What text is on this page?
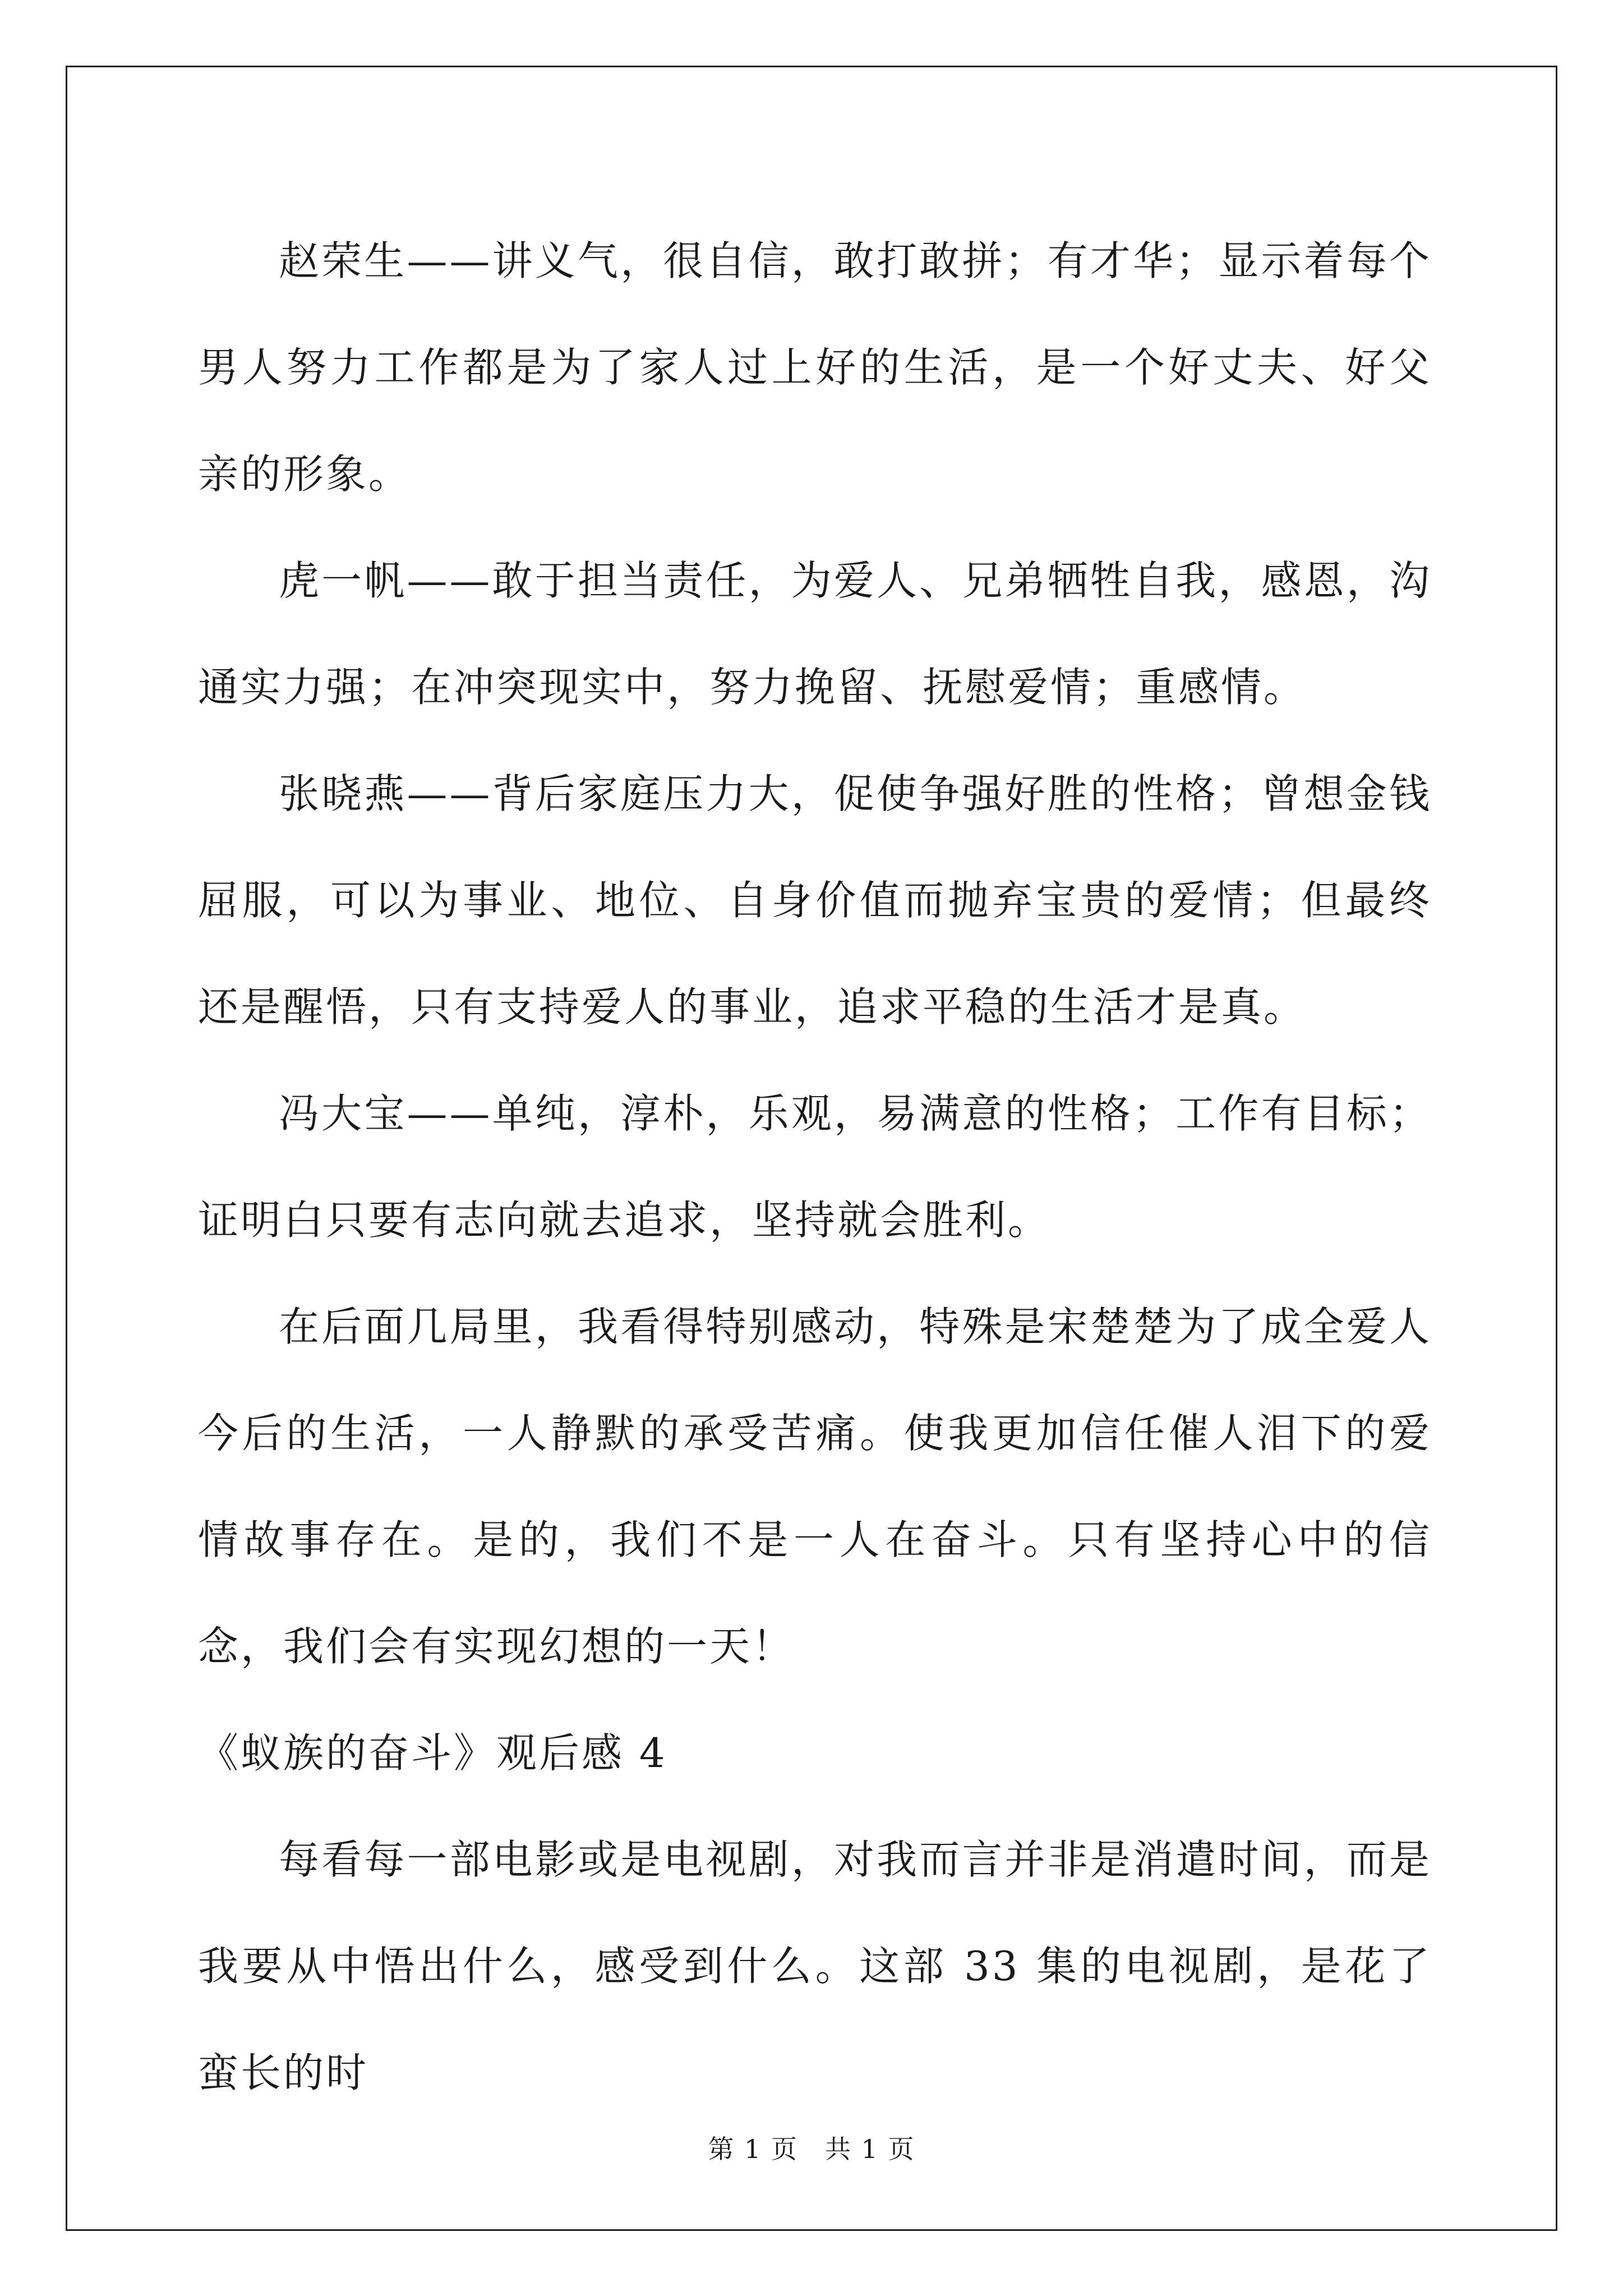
赵荣生——讲义气，很自信，敢打敢拼；有才华；显示着每个男人努力工作都是为了家人过上好的生活，是一个好丈夫、好父亲的形象。

虎一帆——敢于担当责任，为爱人、兄弟牺牲自我，感恩，沟通实力强；在冲突现实中，努力挽留、抚慰爱情；重感情。

张晓燕——背后家庭压力大，促使争强好胜的性格；曾想金钱屈服，可以为事业、地位、自身价值而抛弃宝贵的爱情；但最终还是醒悟，只有支持爱人的事业，追求平稳的生活才是真。

冯大宝——单纯，淳朴，乐观，易满意的性格；工作有目标；证明白只要有志向就去追求，坚持就会胜利。

在后面几局里，我看得特别感动，特殊是宋楚楚为了成全爱人今后的生活，一人静默的承受苦痛。使我更加信任催人泪下的爱情故事存在。是的，我们不是一人在奋斗。只有坚持心中的信念，我们会有实现幻想的一天！

《蚁族的奋斗》观后感 4

每看每一部电影或是电视剧，对我而言并非是消遣时间，而是我要从中悟出什么，感受到什么。这部 33 集的电视剧，是花了蛮长的时

第 1 页 共 1 页
